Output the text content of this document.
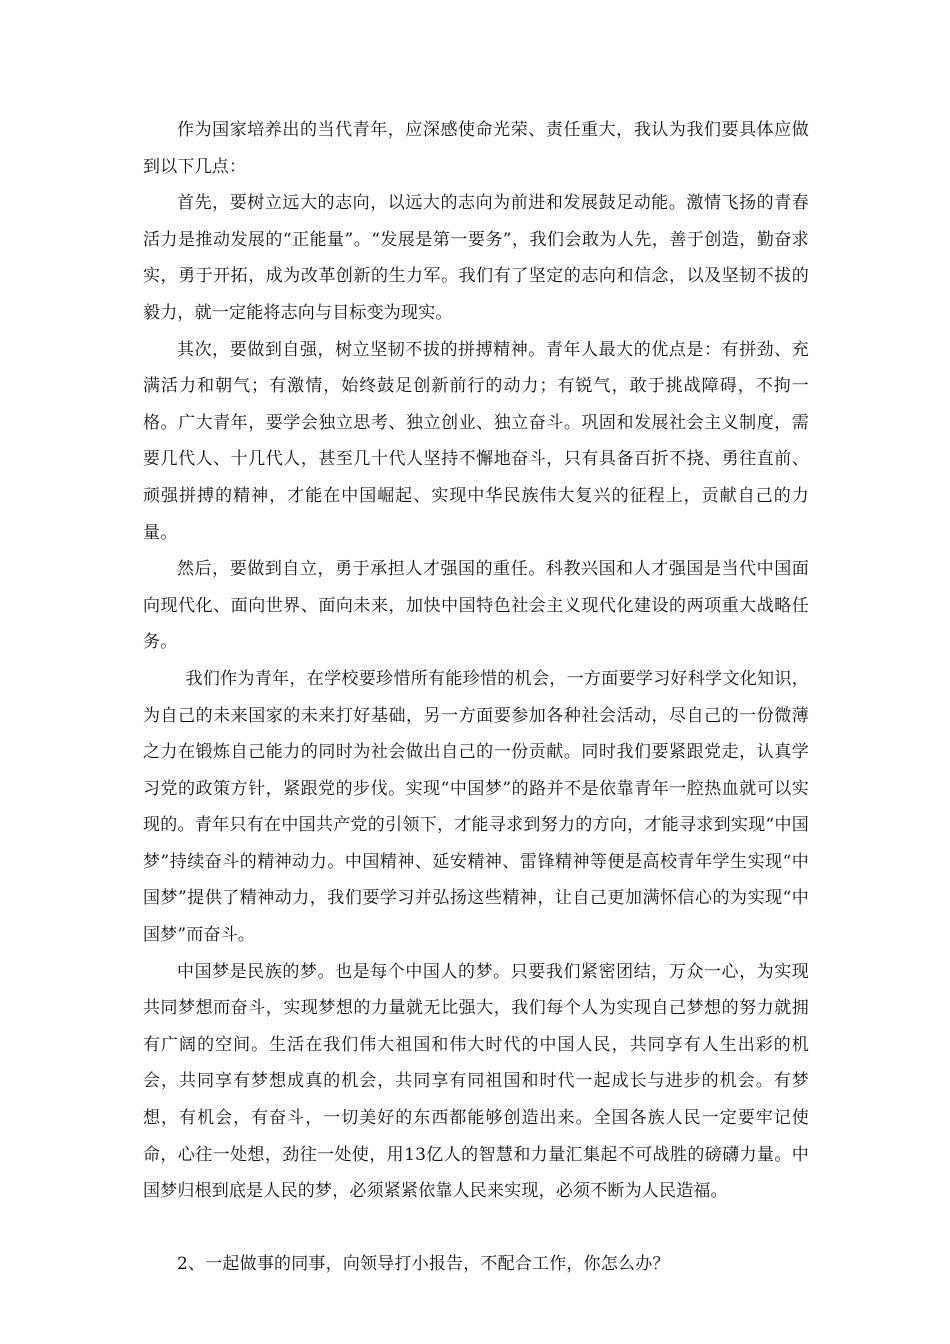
作为国家培养出的当代青年，应深感使命光荣、责任重大，我认为我们要具体应做到以下几点：

首先，要树立远大的志向，以远大的志向为前进和发展鼓足动能。激情飞扬的青春活力是推动发展的“正能量”。“发展是第一要务”，我们会敢为人先，善于创造，勤奋求实，勇于开拓，成为改革创新的生力军。我们有了坚定的志向和信念，以及坚韧不拔的毅力，就一定能将志向与目标变为现实。

其次，要做到自强，树立坚韧不拔的拼搏精神。青年人最大的优点是：有拼劲、充满活力和朝气；有激情，始终鼓足创新前行的动力；有锐气，敢于挑战障碍，不拘一格。广大青年，要学会独立思考、独立创业、独立奋斗。巩固和发展社会主义制度，需要几代人、十几代人，甚至几十代人坚持不懈地奋斗，只有具备百折不挠、勇往直前、顽强拼搏的精神，才能在中国崛起、实现中华民族伟大复兴的征程上，贡献自己的力量。

然后，要做到自立，勇于承担人才强国的重任。科教兴国和人才强国是当代中国面向现代化、面向世界、面向未来，加快中国特色社会主义现代化建设的两项重大战略任务。

我们作为青年，在学校要珍惜所有能珍惜的机会，一方面要学习好科学文化知识，为自己的未来国家的未来打好基础，另一方面要参加各种社会活动，尽自己的一份微薄之力在锻炼自己能力的同时为社会做出自己的一份贡献。同时我们要紧跟党走，认真学习党的政策方针，紧跟党的步伐。实现“中国梦”的路并不是依靠青年一腔热血就可以实现的。青年只有在中国共产党的引领下，才能寻求到努力的方向，才能寻求到实现“中国梦”持续奋斗的精神动力。中国精神、延安精神、雷锋精神等便是高校青年学生实现“中国梦”提供了精神动力，我们要学习并弘扬这些精神，让自己更加满怀信心的为实现“中国梦”而奋斗。

中国梦是民族的梦。也是每个中国人的梦。只要我们紧密团结，万众一心，为实现共同梦想而奋斗，实现梦想的力量就无比强大，我们每个人为实现自己梦想的努力就拥有广阔的空间。生活在我们伟大祖国和伟大时代的中国人民，共同享有人生出彩的机会，共同享有梦想成真的机会，共同享有同祖国和时代一起成长与进步的机会。有梦想，有机会，有奋斗，一切美好的东西都能够创造出来。全国各族人民一定要牢记使命，心往一处想，劲往一处使，用13亿人的智慧和力量汇集起不可战胜的磅礴力量。中国梦归根到底是人民的梦，必须紧紧依靠人民来实现，必须不断为人民造福。

2、一起做事的同事，向领导打小报告，不配合工作，你怎么办？
